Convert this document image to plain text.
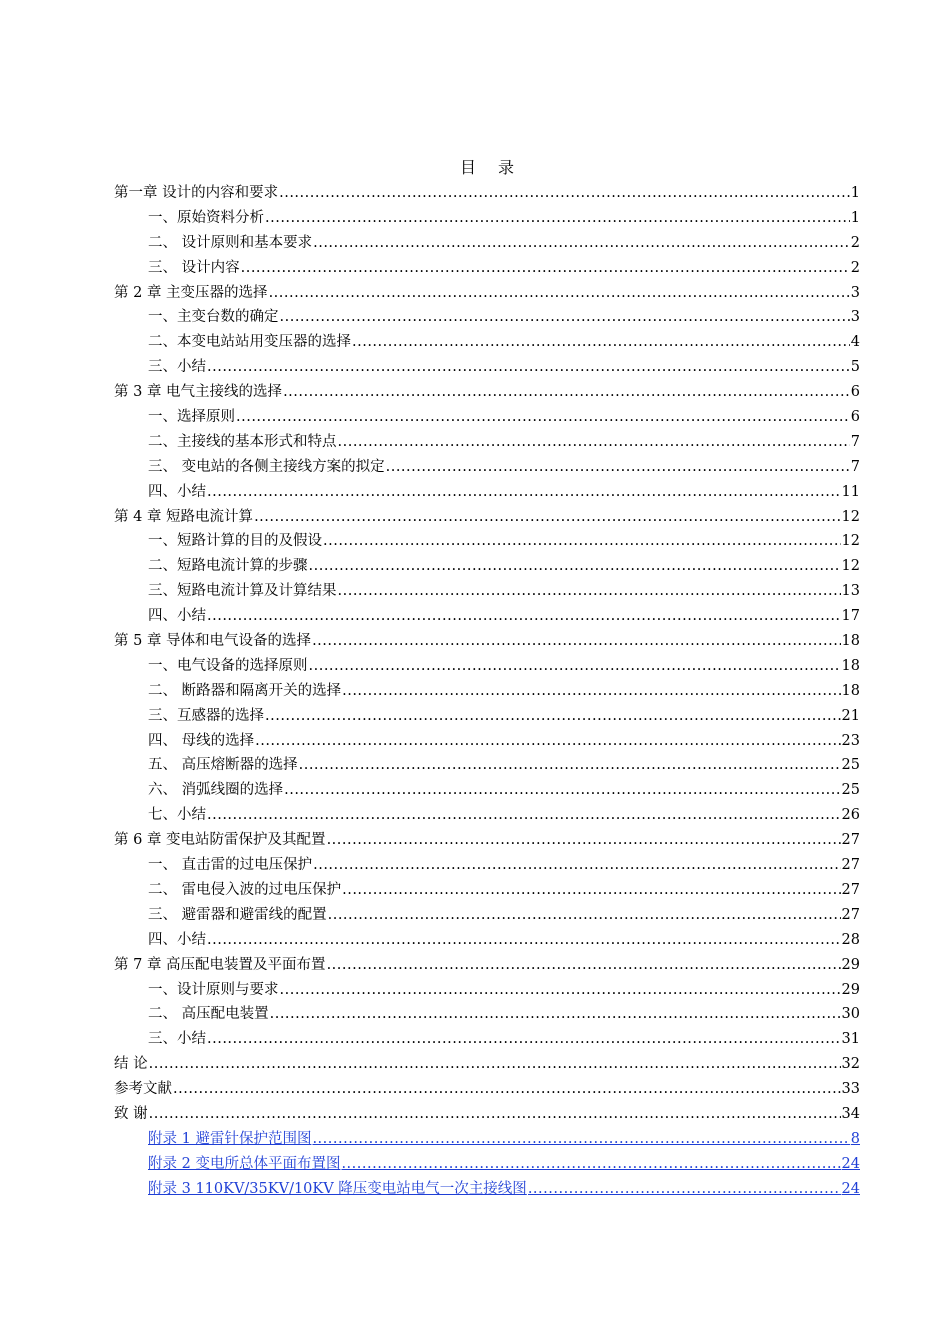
目 录
第一章 设计的内容和要求 .....	1
一、原始资料分析 .....	1
二、 设计原则和基本要求 .....	2
三、 设计内容 .....	2
第 2 章 主变压器的选择 .....	3
一、主变台数的确定 .....	3
二、本变电站站用变压器的选择 .....	4
三、小结 .....	5
第 3 章 电气主接线的选择 .....	6
一、选择原则 .....	6
二、主接线的基本形式和特点 .....	7
三、 变电站的各侧主接线方案的拟定 .....	7
四、小结 .....	11
第 4 章 短路电流计算 .....	12
一、短路计算的目的及假设 .....	12
二、短路电流计算的步骤 .....	12
三、短路电流计算及计算结果 .....	13
四、小结 .....	17
第 5 章 导体和电气设备的选择 .....	18
一、电气设备的选择原则 .....	18
二、 断路器和隔离开关的选择 .....	18
三、互感器的选择 .....	21
四、 母线的选择 .....	23
五、 高压熔断器的选择 .....	25
六、 消弧线圈的选择 .....	25
七、小结 .....	26
第 6 章 变电站防雷保护及其配置 .....	27
一、 直击雷的过电压保护 .....	27
二、 雷电侵入波的过电压保护 .....	27
三、 避雷器和避雷线的配置 .....	27
四、小结 .....	28
第 7 章 高压配电装置及平面布置 .....	29
一、设计原则与要求 .....	29
二、 高压配电装置 .....	30
三、小结 .....	31
结 论 .....	32
参考文献 .....	33
致 谢 .....	34
附录 1 避雷针保护范围图 .....	8
附录 2 变电所总体平面布置图 .....	24
附录 3 110KV/35KV/10KV 降压变电站电气一次主接线图 .....	24
